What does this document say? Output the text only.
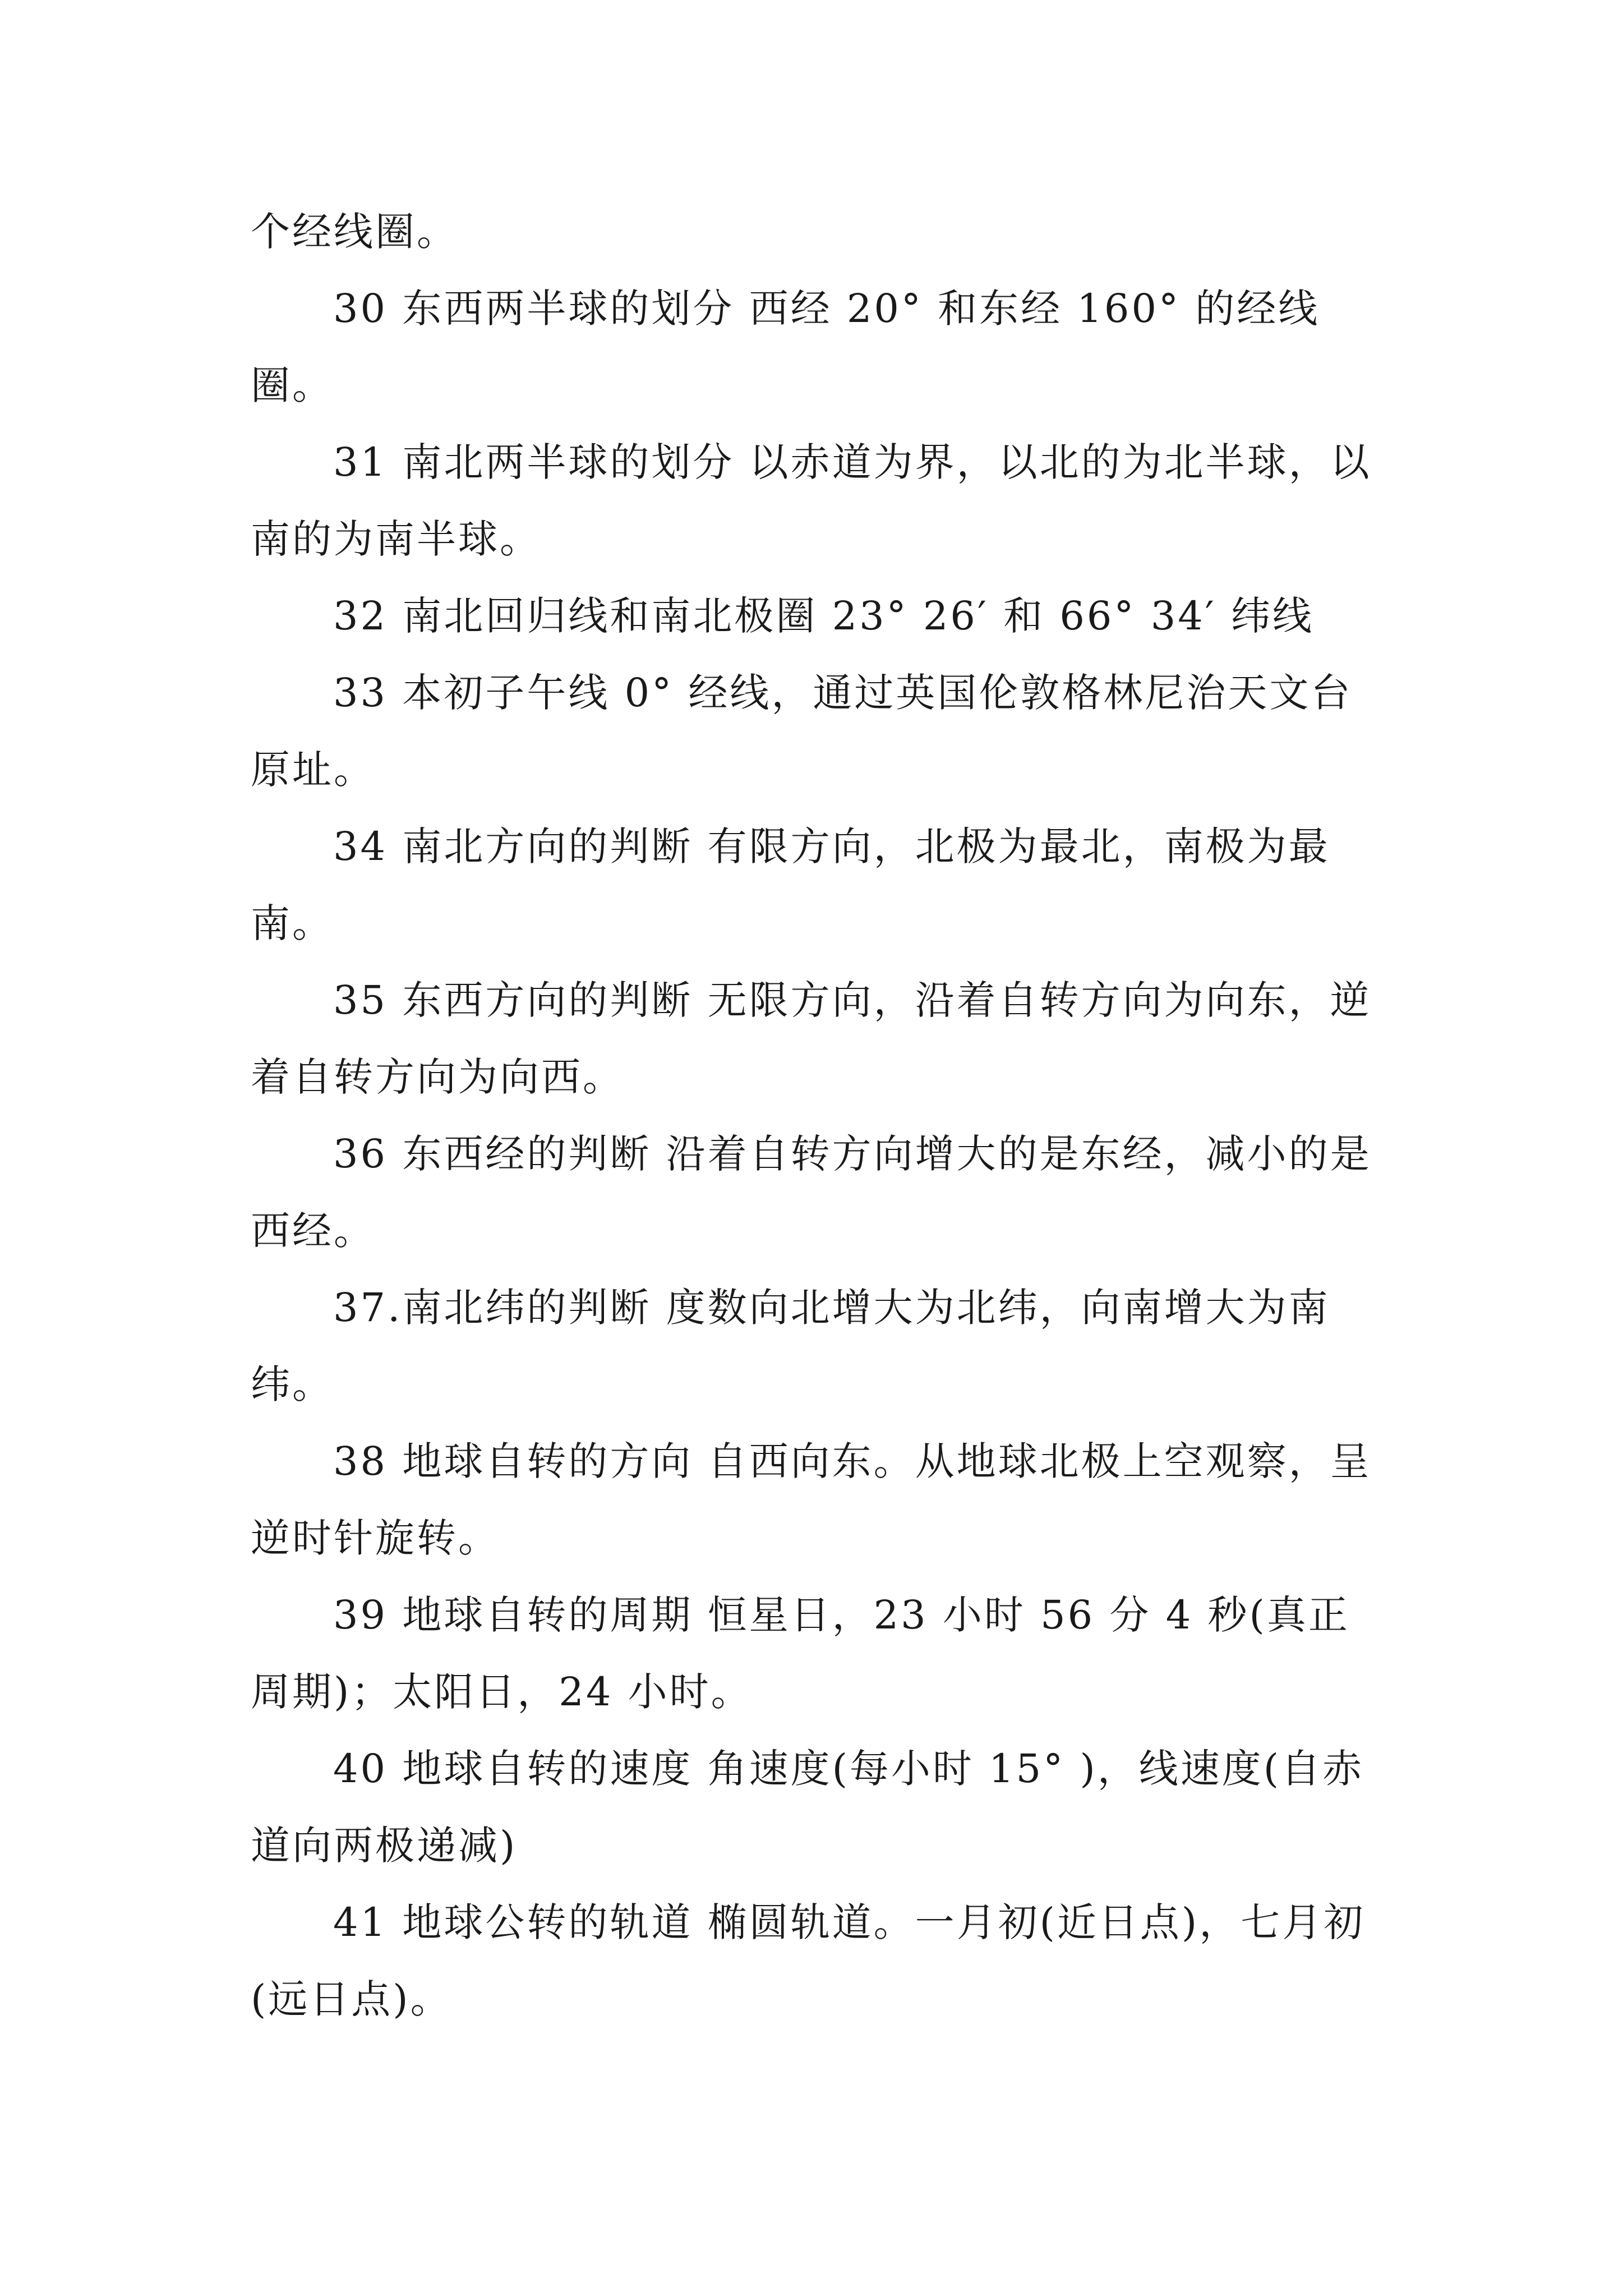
个经线圈。

30 东西两半球的划分 西经 20° 和东经 160° 的经线圈。

31 南北两半球的划分 以赤道为界，以北的为北半球，以南的为南半球。

32 南北回归线和南北极圈 23° 26′ 和 66° 34′ 纬线

33 本初子午线 0° 经线，通过英国伦敦格林尼治天文台原址。

34 南北方向的判断 有限方向，北极为最北，南极为最南。

35 东西方向的判断 无限方向，沿着自转方向为向东，逆着自转方向为向西。

36 东西经的判断 沿着自转方向增大的是东经，减小的是西经。

37.南北纬的判断 度数向北增大为北纬，向南增大为南纬。

38 地球自转的方向 自西向东。从地球北极上空观察，呈逆时针旋转。

39 地球自转的周期 恒星日，23 小时 56 分 4 秒(真正周期)；太阳日，24 小时。

40 地球自转的速度 角速度(每小时 15° )，线速度(自赤道向两极递减)

41 地球公转的轨道 椭圆轨道。一月初(近日点)，七月初(远日点)。
